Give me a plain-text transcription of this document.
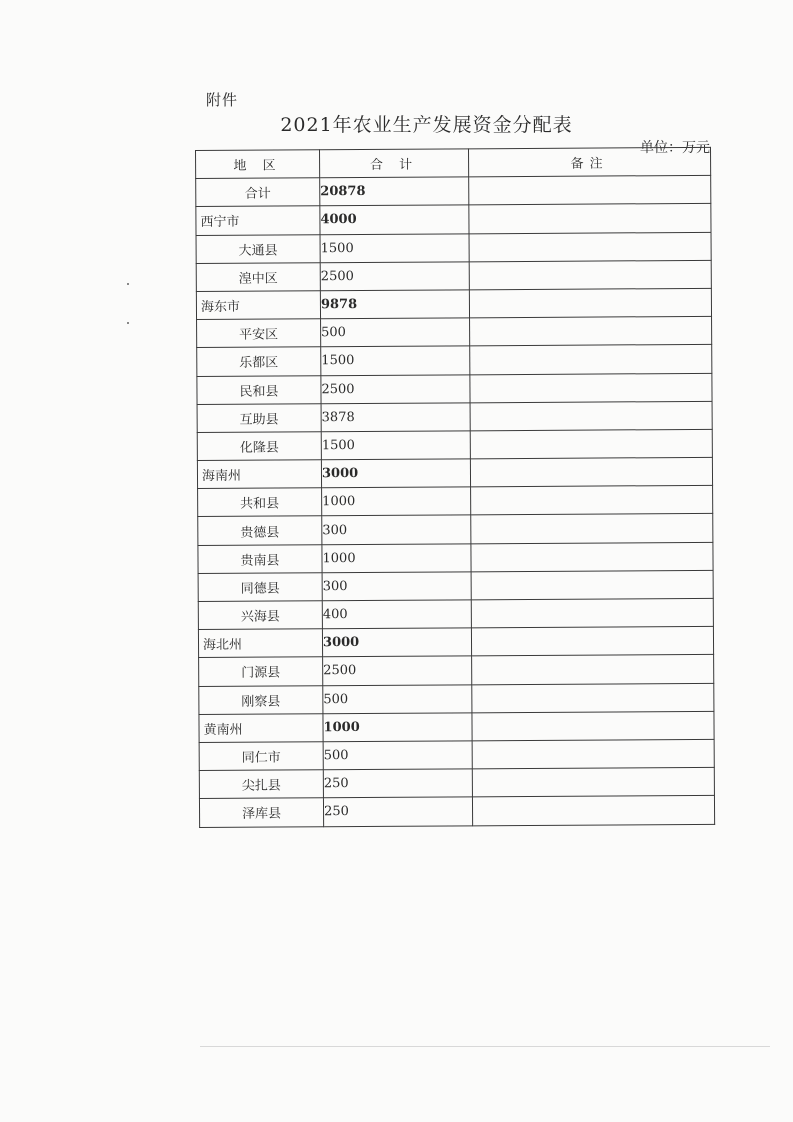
附件
2021年农业生产发展资金分配表
单位：万元
地 区	合 计	备注
合计	20878	
西宁市	4000	
大通县	1500	
湟中区	2500	
海东市	9878	
平安区	500	
乐都区	1500	
民和县	2500	
互助县	3878	
化隆县	1500	
海南州	3000	
共和县	1000	
贵德县	300	
贵南县	1000	
同德县	300	
兴海县	400	
海北州	3000	
门源县	2500	
刚察县	500	
黄南州	1000	
同仁市	500	
尖扎县	250	
泽库县	250	
